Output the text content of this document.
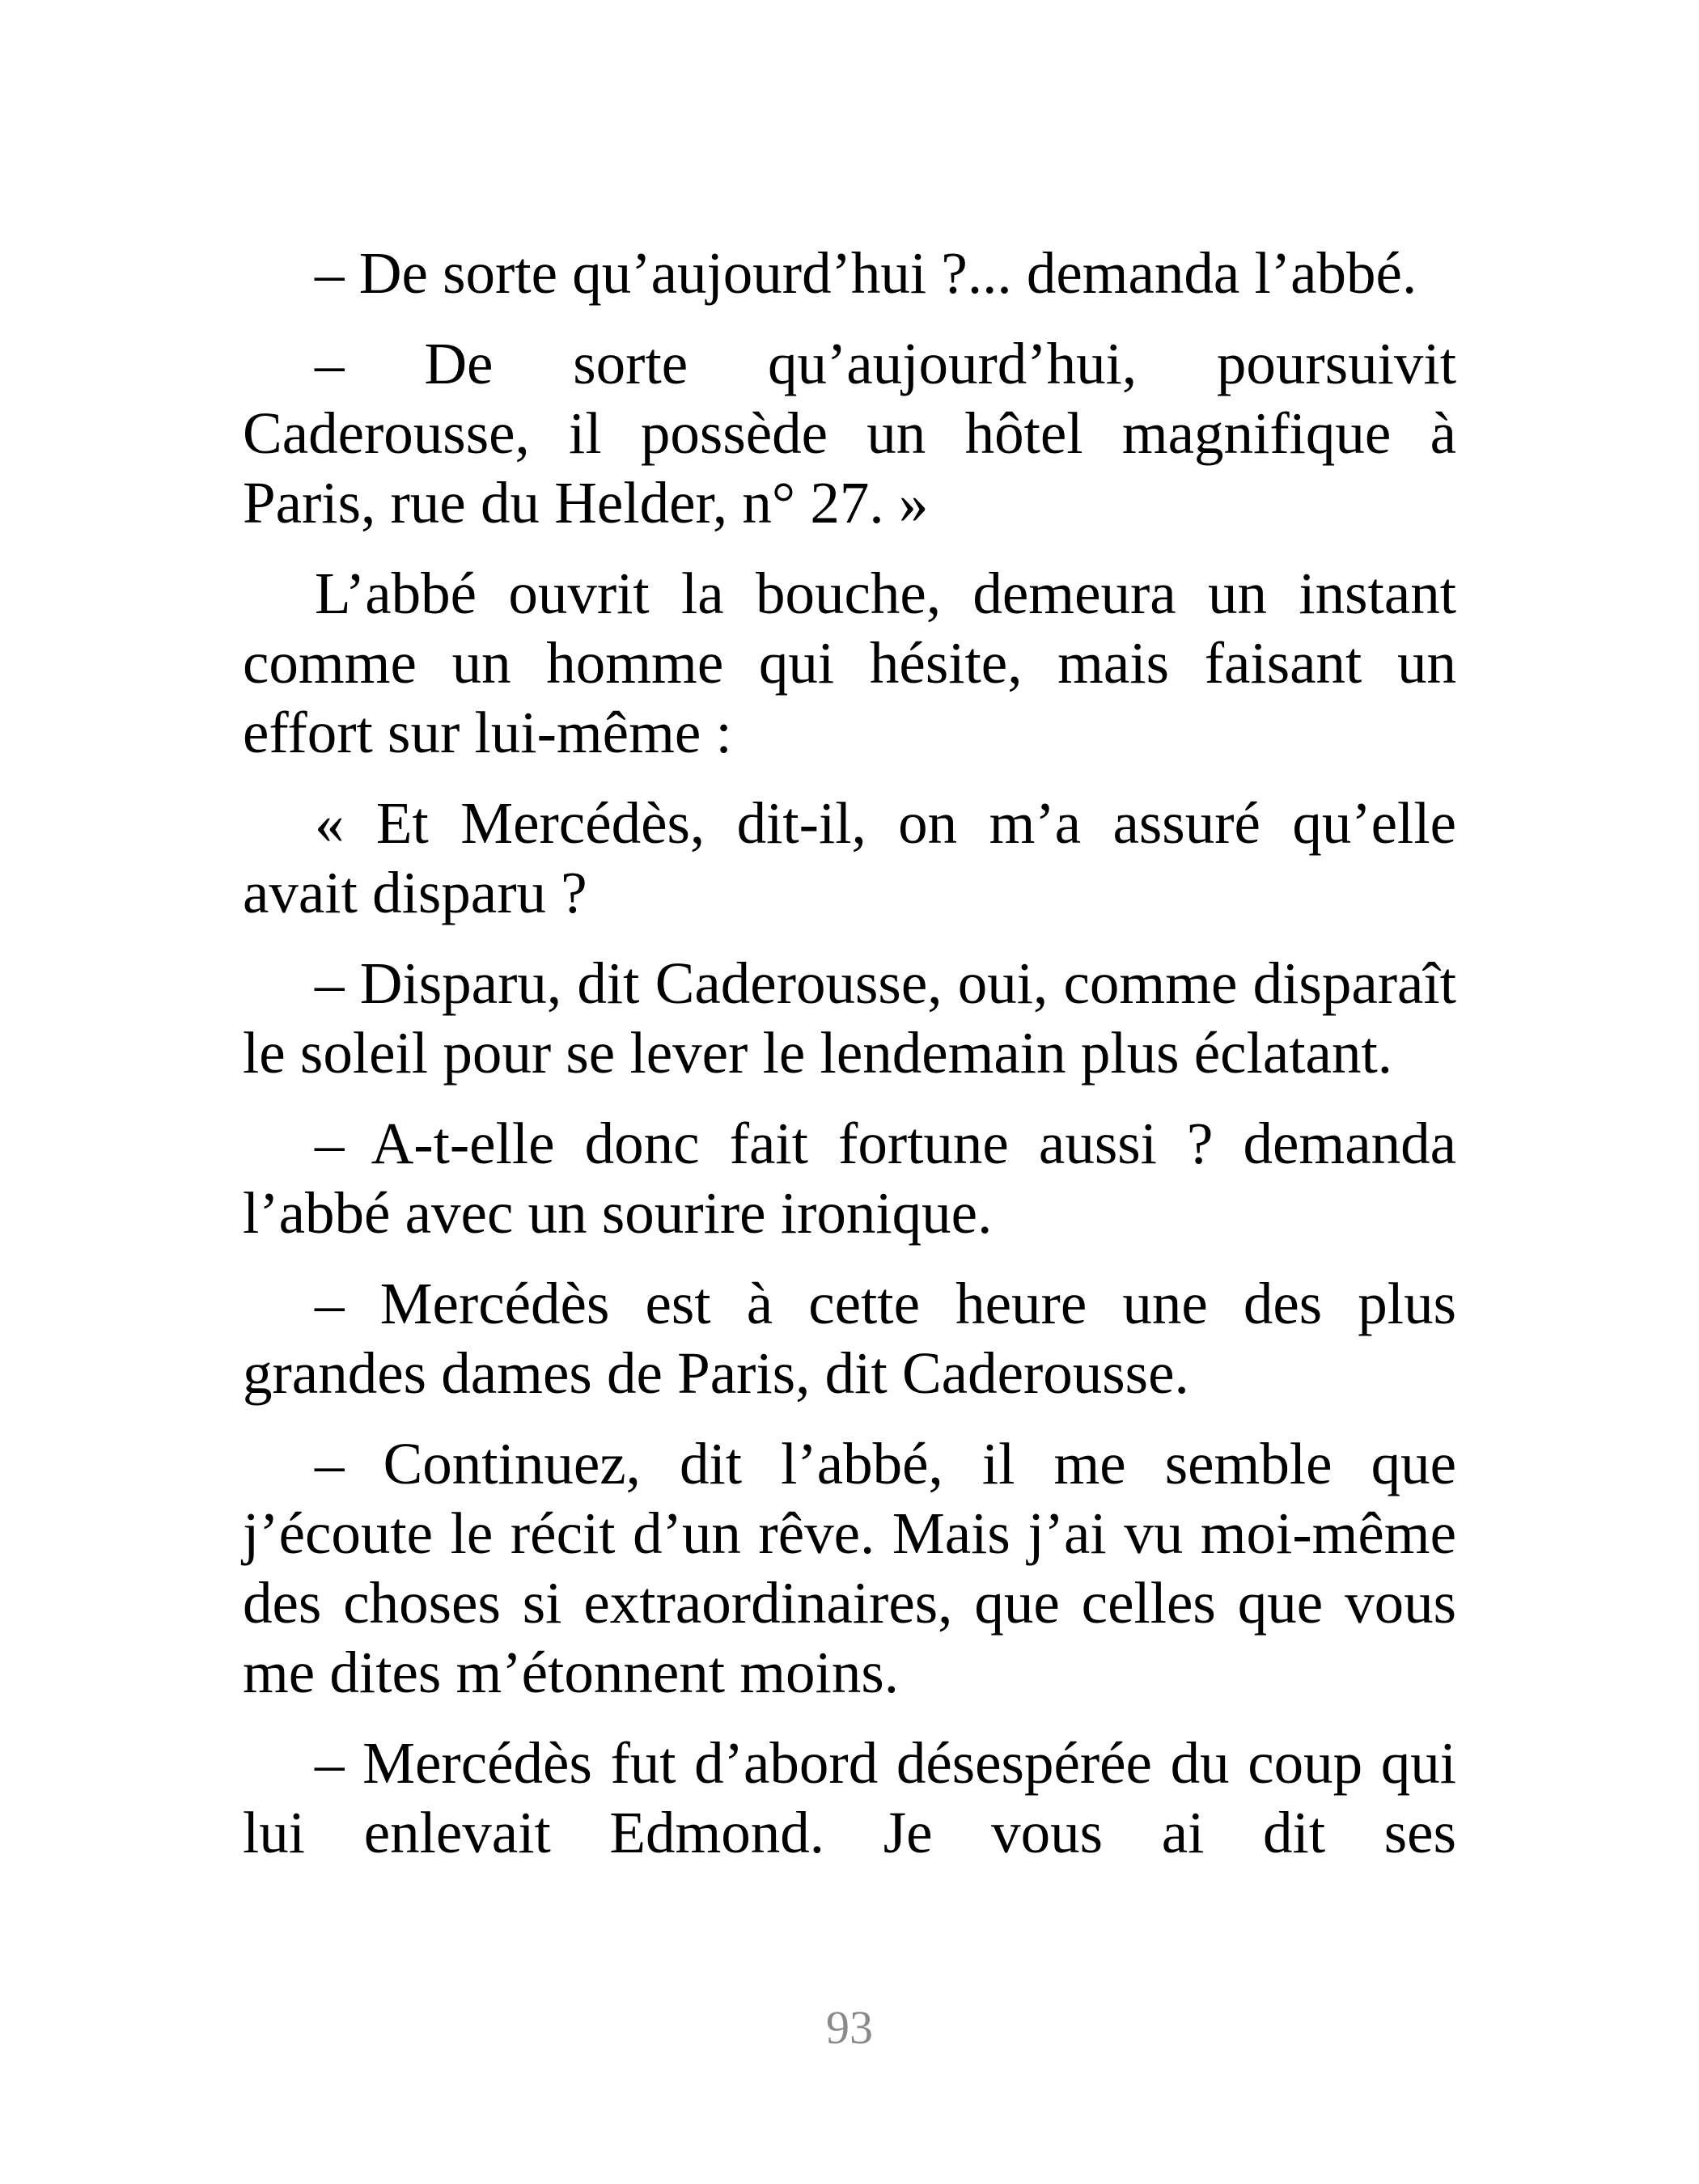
– De sorte qu’aujourd’hui ?... demanda l’abbé.

– De sorte qu’aujourd’hui, poursuivit Caderousse, il possède un hôtel magnifique à Paris, rue du Helder, n° 27. »

L’abbé ouvrit la bouche, demeura un instant comme un homme qui hésite, mais faisant un effort sur lui-même :

« Et Mercédès, dit-il, on m’a assuré qu’elle avait disparu ?

– Disparu, dit Caderousse, oui, comme disparaît le soleil pour se lever le lendemain plus éclatant.

– A-t-elle donc fait fortune aussi ? demanda l’abbé avec un sourire ironique.

– Mercédès est à cette heure une des plus grandes dames de Paris, dit Caderousse.

– Continuez, dit l’abbé, il me semble que j’écoute le récit d’un rêve. Mais j’ai vu moi-même des choses si extraordinaires, que celles que vous me dites m’étonnent moins.

– Mercédès fut d’abord désespérée du coup qui lui enlevait Edmond. Je vous ai dit ses

93
